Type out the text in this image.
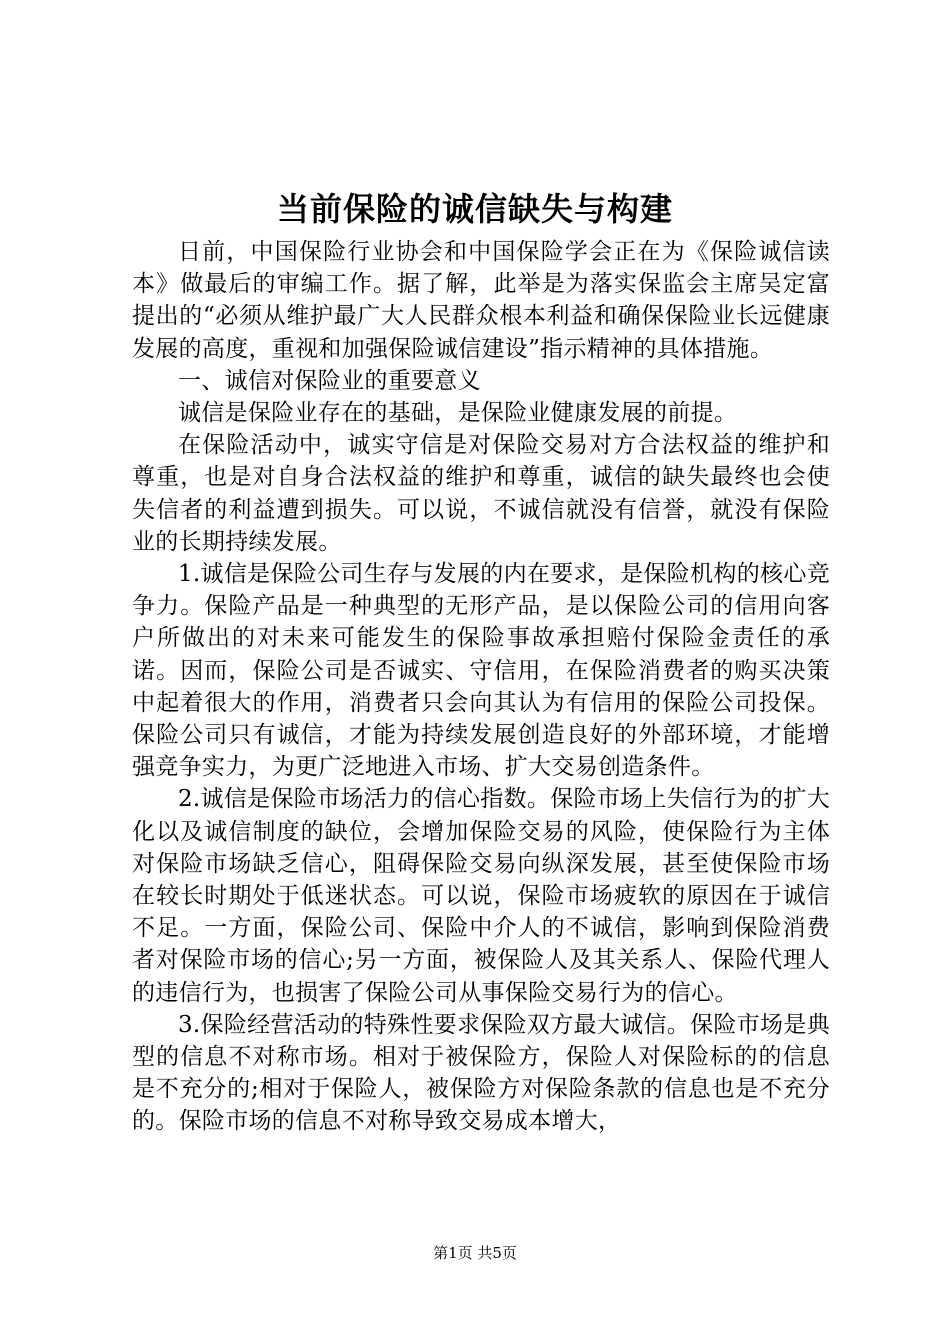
当前保险的诚信缺失与构建

日前，中国保险行业协会和中国保险学会正在为《保险诚信读本》做最后的审编工作。据了解，此举是为落实保监会主席吴定富提出的“必须从维护最广大人民群众根本利益和确保保险业长远健康发展的高度，重视和加强保险诚信建设”指示精神的具体措施。

一、诚信对保险业的重要意义

诚信是保险业存在的基础，是保险业健康发展的前提。

在保险活动中，诚实守信是对保险交易对方合法权益的维护和尊重，也是对自身合法权益的维护和尊重，诚信的缺失最终也会使失信者的利益遭到损失。可以说，不诚信就没有信誉，就没有保险业的长期持续发展。

1.诚信是保险公司生存与发展的内在要求，是保险机构的核心竞争力。保险产品是一种典型的无形产品，是以保险公司的信用向客户所做出的对未来可能发生的保险事故承担赔付保险金责任的承诺。因而，保险公司是否诚实、守信用，在保险消费者的购买决策中起着很大的作用，消费者只会向其认为有信用的保险公司投保。保险公司只有诚信，才能为持续发展创造良好的外部环境，才能增强竞争实力，为更广泛地进入市场、扩大交易创造条件。

2.诚信是保险市场活力的信心指数。保险市场上失信行为的扩大化以及诚信制度的缺位，会增加保险交易的风险，使保险行为主体对保险市场缺乏信心，阻碍保险交易向纵深发展，甚至使保险市场在较长时期处于低迷状态。可以说，保险市场疲软的原因在于诚信不足。一方面，保险公司、保险中介人的不诚信，影响到保险消费者对保险市场的信心;另一方面，被保险人及其关系人、保险代理人的违信行为，也损害了保险公司从事保险交易行为的信心。

3.保险经营活动的特殊性要求保险双方最大诚信。保险市场是典型的信息不对称市场。相对于被保险方，保险人对保险标的的信息是不充分的;相对于保险人，被保险方对保险条款的信息也是不充分的。保险市场的信息不对称导致交易成本增大，

第1页 共5页
